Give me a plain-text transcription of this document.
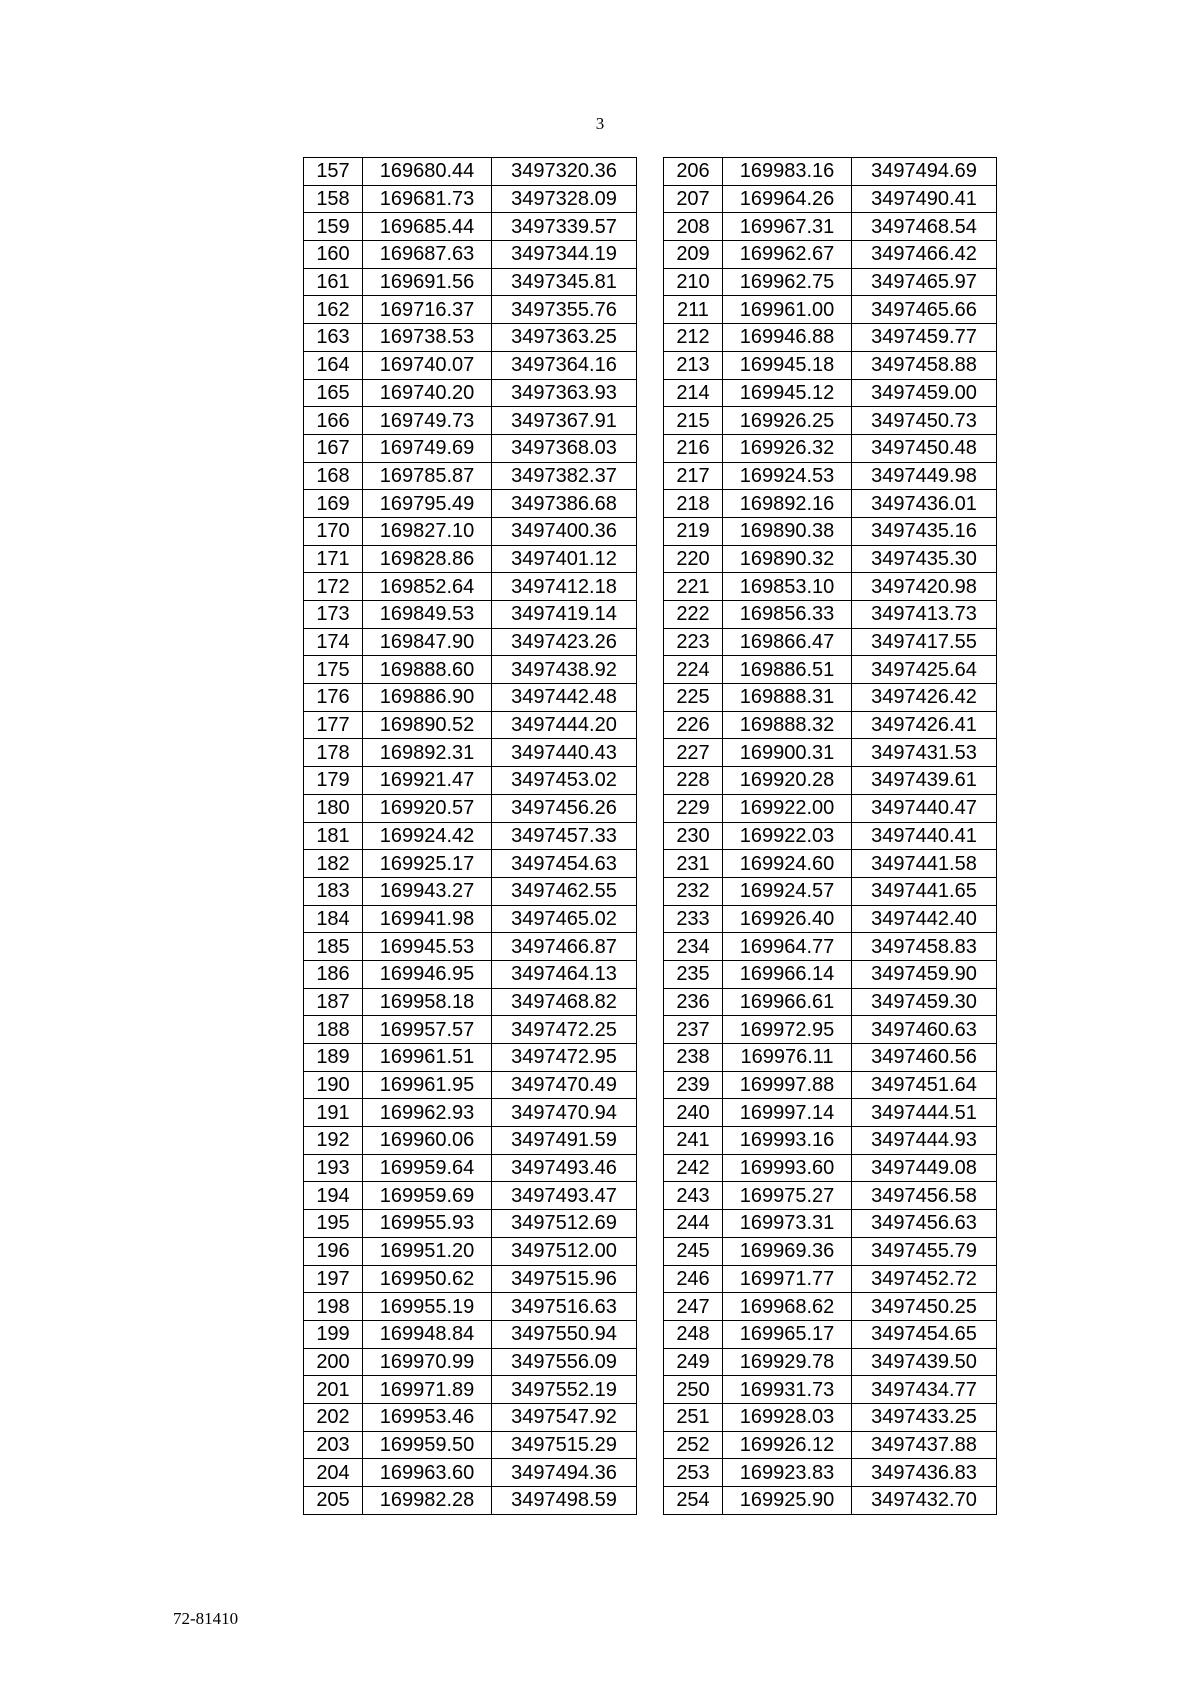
3
157	169680.44	3497320.36
158	169681.73	3497328.09
159	169685.44	3497339.57
160	169687.63	3497344.19
161	169691.56	3497345.81
162	169716.37	3497355.76
163	169738.53	3497363.25
164	169740.07	3497364.16
165	169740.20	3497363.93
166	169749.73	3497367.91
167	169749.69	3497368.03
168	169785.87	3497382.37
169	169795.49	3497386.68
170	169827.10	3497400.36
171	169828.86	3497401.12
172	169852.64	3497412.18
173	169849.53	3497419.14
174	169847.90	3497423.26
175	169888.60	3497438.92
176	169886.90	3497442.48
177	169890.52	3497444.20
178	169892.31	3497440.43
179	169921.47	3497453.02
180	169920.57	3497456.26
181	169924.42	3497457.33
182	169925.17	3497454.63
183	169943.27	3497462.55
184	169941.98	3497465.02
185	169945.53	3497466.87
186	169946.95	3497464.13
187	169958.18	3497468.82
188	169957.57	3497472.25
189	169961.51	3497472.95
190	169961.95	3497470.49
191	169962.93	3497470.94
192	169960.06	3497491.59
193	169959.64	3497493.46
194	169959.69	3497493.47
195	169955.93	3497512.69
196	169951.20	3497512.00
197	169950.62	3497515.96
198	169955.19	3497516.63
199	169948.84	3497550.94
200	169970.99	3497556.09
201	169971.89	3497552.19
202	169953.46	3497547.92
203	169959.50	3497515.29
204	169963.60	3497494.36
205	169982.28	3497498.59
206	169983.16	3497494.69
207	169964.26	3497490.41
208	169967.31	3497468.54
209	169962.67	3497466.42
210	169962.75	3497465.97
211	169961.00	3497465.66
212	169946.88	3497459.77
213	169945.18	3497458.88
214	169945.12	3497459.00
215	169926.25	3497450.73
216	169926.32	3497450.48
217	169924.53	3497449.98
218	169892.16	3497436.01
219	169890.38	3497435.16
220	169890.32	3497435.30
221	169853.10	3497420.98
222	169856.33	3497413.73
223	169866.47	3497417.55
224	169886.51	3497425.64
225	169888.31	3497426.42
226	169888.32	3497426.41
227	169900.31	3497431.53
228	169920.28	3497439.61
229	169922.00	3497440.47
230	169922.03	3497440.41
231	169924.60	3497441.58
232	169924.57	3497441.65
233	169926.40	3497442.40
234	169964.77	3497458.83
235	169966.14	3497459.90
236	169966.61	3497459.30
237	169972.95	3497460.63
238	169976.11	3497460.56
239	169997.88	3497451.64
240	169997.14	3497444.51
241	169993.16	3497444.93
242	169993.60	3497449.08
243	169975.27	3497456.58
244	169973.31	3497456.63
245	169969.36	3497455.79
246	169971.77	3497452.72
247	169968.62	3497450.25
248	169965.17	3497454.65
249	169929.78	3497439.50
250	169931.73	3497434.77
251	169928.03	3497433.25
252	169926.12	3497437.88
253	169923.83	3497436.83
254	169925.90	3497432.70
72-81410
